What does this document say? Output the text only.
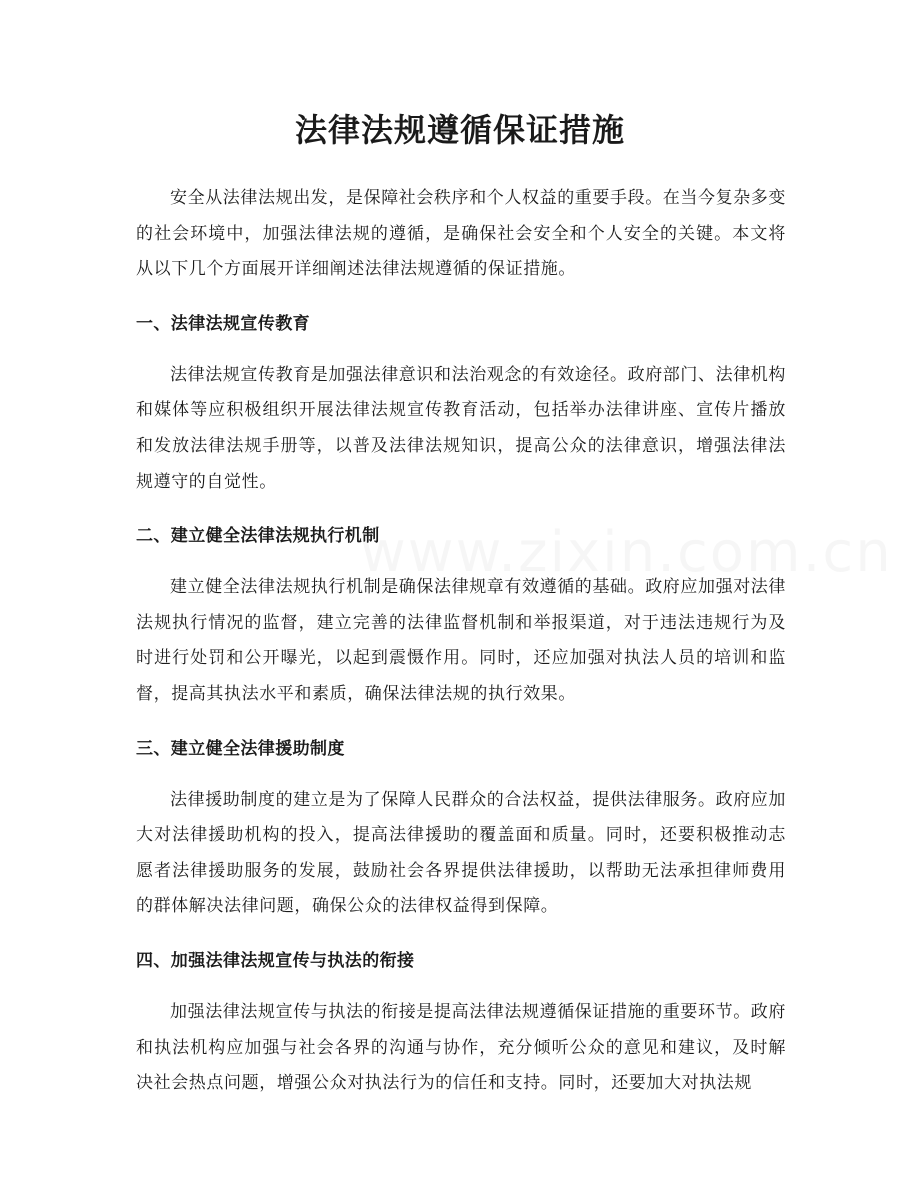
法律法规遵循保证措施

安全从法律法规出发，是保障社会秩序和个人权益的重要手段。在当今复杂多变的社会环境中，加强法律法规的遵循，是确保社会安全和个人安全的关键。本文将从以下几个方面展开详细阐述法律法规遵循的保证措施。

一、法律法规宣传教育

法律法规宣传教育是加强法律意识和法治观念的有效途径。政府部门、法律机构和媒体等应积极组织开展法律法规宣传教育活动，包括举办法律讲座、宣传片播放和发放法律法规手册等，以普及法律法规知识，提高公众的法律意识，增强法律法规遵守的自觉性。

二、建立健全法律法规执行机制

建立健全法律法规执行机制是确保法律规章有效遵循的基础。政府应加强对法律法规执行情况的监督，建立完善的法律监督机制和举报渠道，对于违法违规行为及时进行处罚和公开曝光，以起到震慑作用。同时，还应加强对执法人员的培训和监督，提高其执法水平和素质，确保法律法规的执行效果。

三、建立健全法律援助制度

法律援助制度的建立是为了保障人民群众的合法权益，提供法律服务。政府应加大对法律援助机构的投入，提高法律援助的覆盖面和质量。同时，还要积极推动志愿者法律援助服务的发展，鼓励社会各界提供法律援助，以帮助无法承担律师费用的群体解决法律问题，确保公众的法律权益得到保障。

四、加强法律法规宣传与执法的衔接

加强法律法规宣传与执法的衔接是提高法律法规遵循保证措施的重要环节。政府和执法机构应加强与社会各界的沟通与协作，充分倾听公众的意见和建议，及时解决社会热点问题，增强公众对执法行为的信任和支持。同时，还要加大对执法规
